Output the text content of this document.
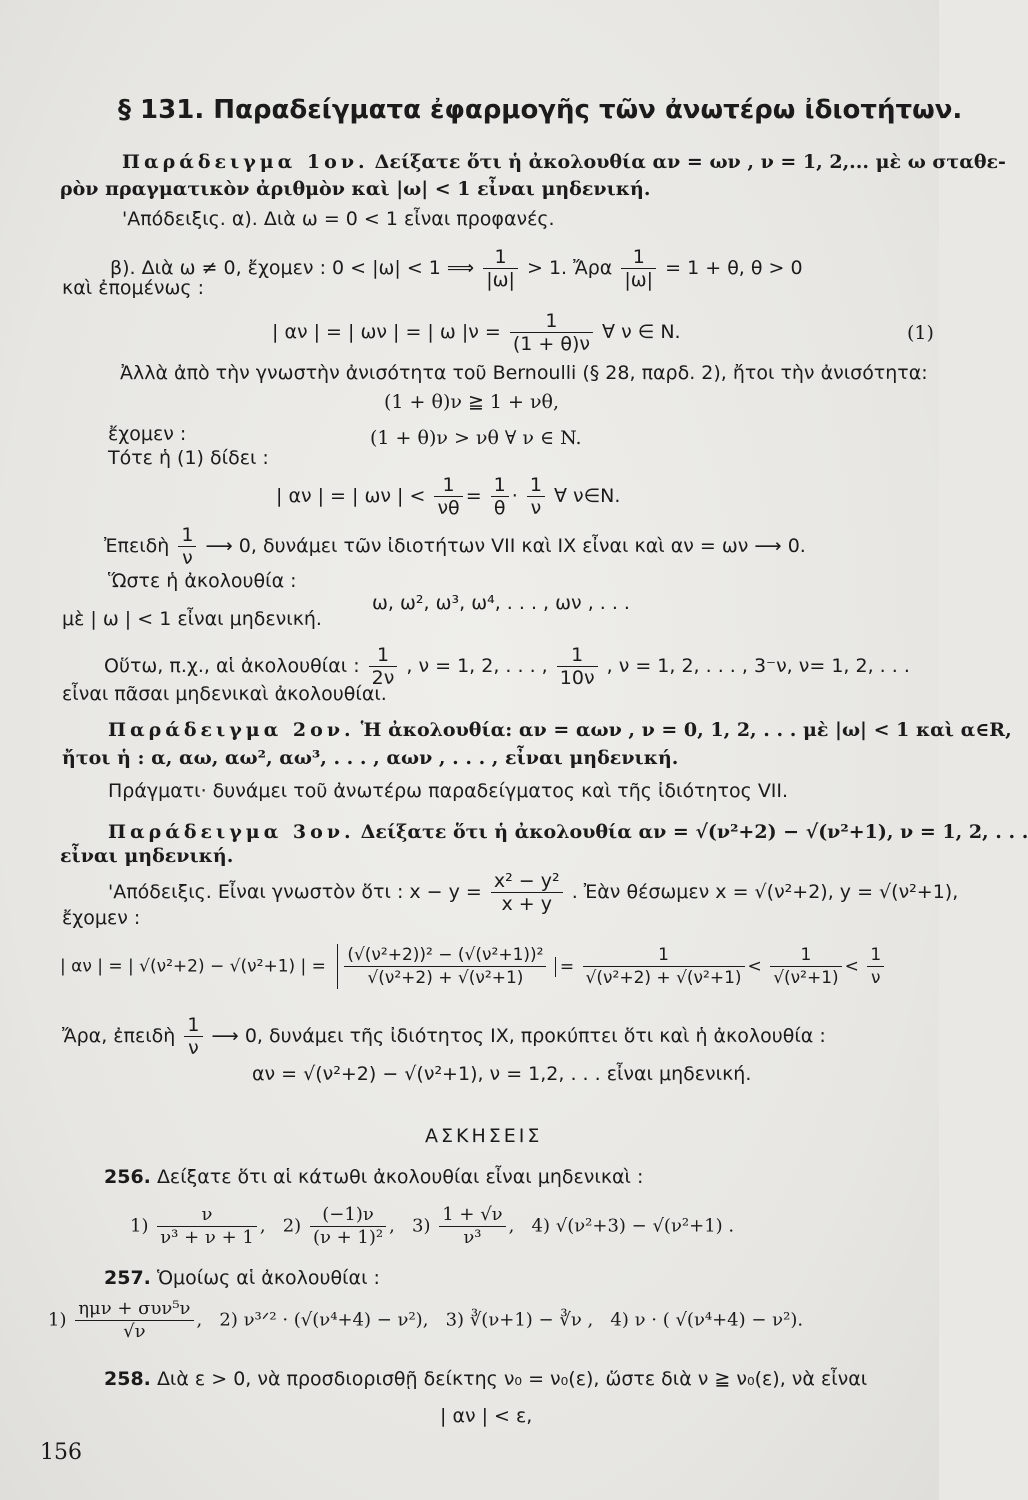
§ 131. Παραδείγματα ἐφαρμογῆς τῶν ἀνωτέρω ἰδιοτήτων.
Παράδειγμα 1ον. Δείξατε ὅτι ἡ ἀκολουθία αν = ων , ν = 1, 2,... μὲ ω σταθε-
ρὸν πραγματικὸν ἀριθμὸν καὶ |ω| < 1 εἶναι μηδενική.
'Απόδειξις. α). Διὰ ω = 0 < 1 εἶναι προφανές.
β). Διὰ ω ≠ 0, ἔχομεν : 0 < |ω| < 1 ⟹ $\frac{1}{|\omega|} > 1$. Ἄρα $\frac{1}{|\omega|} = 1 + \theta$, θ > 0
καὶ ἐπομένως :
| αν | = | ων | = | ω $|\nu = \frac{1}{(1 + \theta)\nu}$ ∀ ν ∈ N.	(1)
Ἀλλὰ ἀπὸ τὴν γνωστὴν ἀνισότητα τοῦ Bernoulli (§ 28, παρδ. 2), ἤτοι τὴν ἀνισότητα:
(1 + θ)ν ≧ 1 + νθ,
ἔχομεν :	(1 + θ)ν > νθ ∀ ν ∈ N.
Τότε ἡ (1) δίδει :
| αν | = | ων | < $\frac{1}{\nu\theta} = \frac{1}{\theta} \cdot \frac{1}{\nu}$ ∀ ν∈N.
Ἐπειδὴ $\frac{1}{\nu}$ ⟶ 0, δυνάμει τῶν ἰδιοτήτων VII καὶ IX εἶναι καὶ αν = ων ⟶ 0.
Ὥστε ἡ ἀκολουθία :
ω, ω², ω³, ω⁴, . . . , ων , . . .
μὲ | ω | < 1 εἶναι μηδενική.
Οὕτω, π.χ., αἱ ἀκολουθίαι : $\frac{1}{2\nu}$ , ν = 1, 2, . . . , $\frac{1}{10\nu}$ , ν = 1, 2, . . . , 3⁻ν, ν= 1, 2, . . .
εἶναι πᾶσαι μηδενικαὶ ἀκολουθίαι.
Παράδειγμα 2ον. Ἡ ἀκολουθία: αν = αων , ν = 0, 1, 2, . . . μὲ |ω| < 1 καὶ α∈R,
ἤτοι ἡ : α, αω, αω², αω³, . . . , αων , . . . , εἶναι μηδενική.
Πράγματι· δυνάμει τοῦ ἀνωτέρω παραδείγματος καὶ τῆς ἰδιότητος VII.
Παράδειγμα 3ον. Δείξατε ὅτι ἡ ἀκολουθία αν = √(ν²+2) − √(ν²+1), ν = 1, 2, . . .
εἶναι μηδενική.
'Απόδειξις. Εἶναι γνωστὸν ὅτι : $x - y = \frac{\text{x² − y²}}{x + y}$ . Ἐὰν θέσωμεν x = √(ν²+2), y = √(ν²+1),
ἔχομεν :
| αν | = | √(ν²+2) − √(ν²+1) | = $\frac{\text{(√(ν²+2))² − (√(ν²+1))²}}{\text{√(ν²+2) + √(ν²+1)}} = \frac{1}{\text{√(ν²+2) + √(ν²+1)}} < \frac{1}{\text{√(ν²+1)}} < \frac{1}{\nu}$
Ἄρα, ἐπειδὴ $\frac{1}{\nu}$ ⟶ 0, δυνάμει τῆς ἰδιότητος IX, προκύπτει ὅτι καὶ ἡ ἀκολουθία :
αν = √(ν²+2) − √(ν²+1), ν = 1,2, . . . εἶναι μηδενική.
ΑΣΚΗΣΕΙΣ
256. Δείξατε ὅτι αἱ κάτωθι ἀκολουθίαι εἶναι μηδενικαὶ :
$1) \frac{\nu}{\text{ν³ + ν + 1}}$ ,   $2) \frac{(-1)\nu}{\text{(ν + 1)²}}$ ,   $3) \frac{1 + √\nu}{\text{ν³}}$ ,   4) √(ν²+3) − √(ν²+1) .
257. Ὁμοίως αἱ ἀκολουθίαι :
$1) \frac{\text{ημν + συν⁵ν}}{√\nu}$ ,   2) ν³ᐟ² · (√(ν⁴+4) − ν²), 3) ∛(ν+1) − ∛ν , 4) ν · ( √(ν⁴+4) − ν²).
258. Διὰ ε > 0, νὰ προσδιορισθῇ δείκτης ν₀ = ν₀(ε), ὥστε διὰ ν ≧ ν₀(ε), νὰ εἶναι
| αν | < ε,
156
